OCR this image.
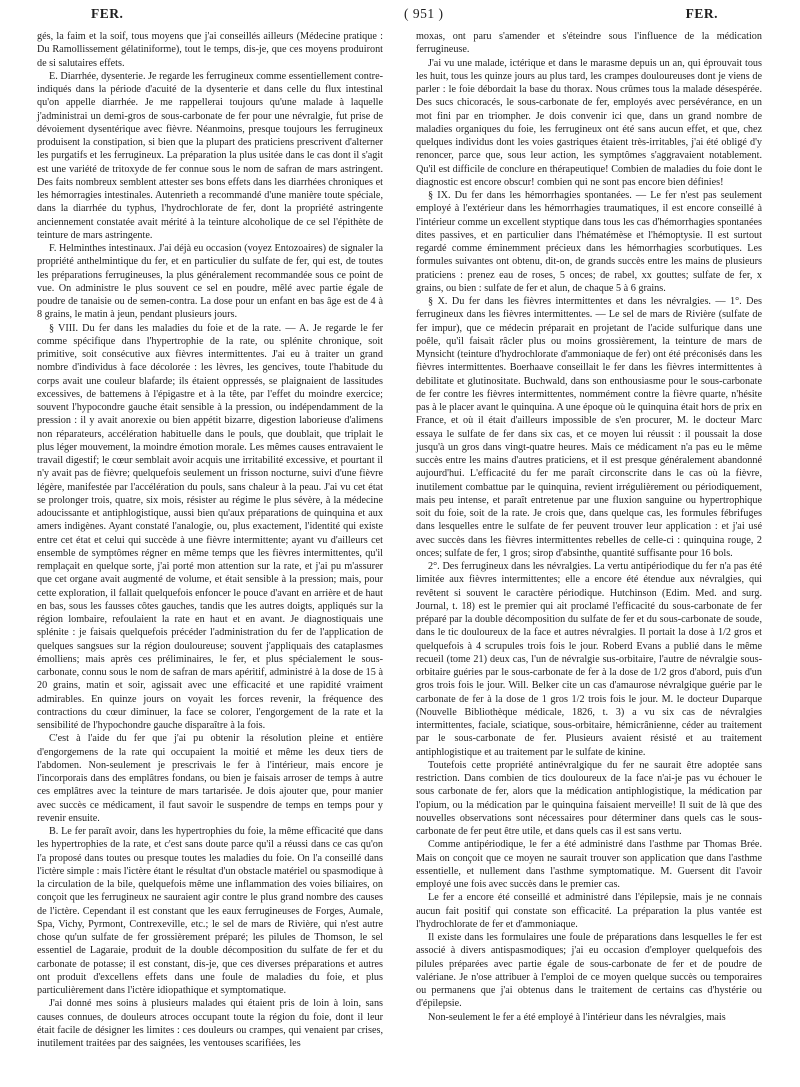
FER.	( 951 )	FER.

gés, la faim et la soif, tous moyens que j'ai conseillés ailleurs (Médecine pratique : Du Ramollissement gélatiniforme), tout le temps, dis-je, que ces moyens produiront de si salutaires effets.

E. Diarrhée, dysenterie. Je regarde les ferrugineux comme essentiellement contre-indiqués dans la période d'acuité de la dysenterie et dans celle du flux intestinal qu'on appelle diarrhée. Je me rappellerai toujours qu'une malade à laquelle j'administrai un demi-gros de sous-carbonate de fer pour une névralgie, fut prise de dévoiement dysentérique avec fièvre. Néanmoins, presque toujours les ferrugineux produisent la constipation, si bien que la plupart des praticiens prescrivent d'alterner les purgatifs et les ferrugineux. La préparation la plus usitée dans le cas dont il s'agit est une variété de tritoxyde de fer connue sous le nom de safran de mars astringent. Des faits nombreux semblent attester ses bons effets dans les diarrhées chroniques et les hémorragies intestinales. Autenrieth a recommandé d'une manière toute spéciale, dans la diarrhée du typhus, l'hydrochlorate de fer, dont la propriété astringente anciennement constatée avait mérité à la teinture alcoholique de ce sel l'épithète de teinture de mars astringente.

F. Helminthes intestinaux. J'ai déjà eu occasion (voyez Entozoaires) de signaler la propriété anthelmintique du fer, et en particulier du sulfate de fer, qui est, de toutes les préparations ferrugineuses, la plus généralement recommandée sous ce point de vue. On administre le plus souvent ce sel en poudre, mêlé avec partie égale de poudre de tanaisie ou de semen-contra. La dose pour un enfant en bas âge est de 4 à 8 grains, le matin à jeun, pendant plusieurs jours.

§ VIII. Du fer dans les maladies du foie et de la rate. — A. Je regarde le fer comme spécifique dans l'hypertrophie de la rate, ou splénite chronique, soit primitive, soit consécutive aux fièvres intermittentes. J'ai eu à traiter un grand nombre d'individus à face décolorée : les lèvres, les gencives, toute l'habitude du corps avait une couleur blafarde; ils étaient oppressés, se plaignaient de lassitudes excessives, de battemens à l'épigastre et à la tête, par l'effet du moindre exercice; souvent l'hypocondre gauche était sensible à la pression, ou indépendamment de la pression : il y avait anorexie ou bien appétit bizarre, digestion laborieuse d'alimens non réparateurs, accélération habituelle dans le pouls, que doublait, que triplait le plus léger mouvement, la moindre émotion morale. Les mêmes causes entravaient le travail digestif; le cœur semblait avoir acquis une irritabilité excessive, et pourtant il n'y avait pas de fièvre; quelquefois seulement un frisson nocturne, suivi d'une fièvre légère, manifestée par l'accélération du pouls, sans chaleur à la peau. J'ai vu cet état se prolonger trois, quatre, six mois, résister au régime le plus sévère, à la médecine adoucissante et antiphlogistique, aussi bien qu'aux préparations de quinquina et aux amers indigènes. Ayant constaté l'analogie, ou, plus exactement, l'identité qui existe entre cet état et celui qui succède à une fièvre intermittente; ayant vu d'ailleurs cet ensemble de symptômes régner en même temps que les fièvres intermittentes, qu'il remplaçait en quelque sorte, j'ai porté mon attention sur la rate, et j'ai pu m'assurer que cet organe avait augmenté de volume, et était sensible à la pression; mais, pour cette exploration, il fallait quelquefois enfoncer le pouce d'avant en arrière et de haut en bas, sous les fausses côtes gauches, tandis que les autres doigts, appliqués sur la région lombaire, refoulaient la rate en haut et en avant. Je diagnostiquais une splénite : je faisais quelquefois précéder l'administration du fer de l'application de quelques sangsues sur la région douloureuse; souvent j'appliquais des cataplasmes émolliens; mais après ces préliminaires, le fer, et plus spécialement le sous-carbonate, connu sous le nom de safran de mars apéritif, administré à la dose de 15 à 20 grains, matin et soir, agissait avec une efficacité et une rapidité vraiment admirables. En quinze jours on voyait les forces revenir, la fréquence des contractions du cœur diminuer, la face se colorer, l'engorgement de la rate et la sensibilité de l'hypochondre gauche disparaître à la fois.

C'est à l'aide du fer que j'ai pu obtenir la résolution pleine et entière d'engorgemens de la rate qui occupaient la moitié et même les deux tiers de l'abdomen. Non-seulement je prescrivais le fer à l'intérieur, mais encore je l'incorporais dans des emplâtres fondans, ou bien je faisais arroser de temps à autre ces emplâtres avec la teinture de mars tartarisée. Je dois ajouter que, pour manier avec succès ce médicament, il faut savoir le suspendre de temps en temps pour y revenir ensuite.

B. Le fer paraît avoir, dans les hypertrophies du foie, la même efficacité que dans les hypertrophies de la rate, et c'est sans doute parce qu'il a réussi dans ce cas qu'on l'a proposé dans toutes ou presque toutes les maladies du foie. On l'a conseillé dans l'ictère simple : mais l'ictère étant le résultat d'un obstacle matériel ou spasmodique à la circulation de la bile, quelquefois même une inflammation des voies biliaires, on conçoit que les ferrugineux ne sauraient agir contre le plus grand nombre des causes de l'ictère. Cependant il est constant que les eaux ferrugineuses de Forges, Aumale, Spa, Vichy, Pyrmont, Contrexeville, etc.; le sel de mars de Rivière, qui n'est autre chose qu'un sulfate de fer grossièrement préparé; les pilules de Thomson, le sel essentiel de Lagaraie, produit de la double décomposition du sulfate de fer et du carbonate de potasse; il est constant, dis-je, que ces diverses préparations et autres ont produit d'excellens effets dans une foule de maladies du foie, et plus particulièrement dans l'ictère idiopathique et symptomatique.

J'ai donné mes soins à plusieurs malades qui étaient pris de loin à loin, sans causes connues, de douleurs atroces occupant toute la région du foie, dont il leur était facile de désigner les limites : ces douleurs ou crampes, qui venaient par crises, inutilement traitées par des saignées, les ventouses scarifiées, les

moxas, ont paru s'amender et s'éteindre sous l'influence de la médication ferrugineuse.

J'ai vu une malade, ictérique et dans le marasme depuis un an, qui éprouvait tous les huit, tous les quinze jours au plus tard, les crampes douloureuses dont je viens de parler : le foie débordait la base du thorax. Nous crûmes tous la malade désespérée. Des sucs chicoracés, le sous-carbonate de fer, employés avec persévérance, en un mot fini par en triompher. Je dois convenir ici que, dans un grand nombre de maladies organiques du foie, les ferrugineux ont été sans aucun effet, et que, chez quelques individus dont les voies gastriques étaient très-irritables, j'ai été obligé d'y renoncer, parce que, sous leur action, les symptômes s'aggravaient notablement. Qu'il est difficile de conclure en thérapeutique! Combien de maladies du foie dont le diagnostic est encore obscur! combien qui ne sont pas encore bien définies!

§ IX. Du fer dans les hémorrhagies spontanées. — Le fer n'est pas seulement employé à l'extérieur dans les hémorrhagies traumatiques, il est encore conseillé à l'intérieur comme un excellent styptique dans tous les cas d'hémorrhagies spontanées dites passives, et en particulier dans l'hématémèse et l'hémoptysie. Il est surtout regardé comme éminemment précieux dans les hémorrhagies scorbutiques. Les formules suivantes ont obtenu, dit-on, de grands succès entre les mains de plusieurs praticiens : prenez eau de roses, 5 onces; de rabel, xx gouttes; sulfate de fer, x grains, ou bien : sulfate de fer et alun, de chaque 5 à 6 grains.

§ X. Du fer dans les fièvres intermittentes et dans les névralgies. — 1°. Des ferrugineux dans les fièvres intermittentes. — Le sel de mars de Rivière (sulfate de fer impur), que ce médecin préparait en projetant de l'acide sulfurique dans une poêle, qu'il faisait râcler plus ou moins grossièrement, la teinture de mars de Mynsicht (teinture d'hydrochlorate d'ammoniaque de fer) ont été préconisés dans les fièvres intermittentes. Boerhaave conseillait le fer dans les fièvres intermittentes à debilitate et glutinositate. Buchwald, dans son enthousiasme pour le sous-carbonate de fer contre les fièvres intermittentes, nommément contre la fièvre quarte, n'hésite pas à le placer avant le quinquina. A une époque où le quinquina était hors de prix en France, et où il était d'ailleurs impossible de s'en procurer, M. le docteur Marc essaya le sulfate de fer dans six cas, et ce moyen lui réussit : il poussait la dose jusqu'à un gros dans vingt-quatre heures. Mais ce médicament n'a pas eu le même succès entre les mains d'autres praticiens, et il est presque généralement abandonné aujourd'hui. L'efficacité du fer me paraît circonscrite dans le cas où la fièvre, inutilement combattue par le quinquina, revient irrégulièrement ou périodiquement, mais peu intense, et paraît entretenue par une fluxion sanguine ou hypertrophique soit du foie, soit de la rate. Je crois que, dans quelque cas, les formules fébrifuges dans lesquelles entre le sulfate de fer peuvent trouver leur application : et j'ai usé avec succès dans les fièvres intermittentes rebelles de celle-ci : quinquina rouge, 2 onces; sulfate de fer, 1 gros; sirop d'absinthe, quantité suffisante pour 16 bols.

2°. Des ferrugineux dans les névralgies. La vertu antipériodique du fer n'a pas été limitée aux fièvres intermittentes; elle a encore été étendue aux névralgies, qui revêtent si souvent le caractère périodique. Hutchinson (Edim. Med. and surg. Journal, t. 18) est le premier qui ait proclamé l'efficacité du sous-carbonate de fer préparé par la double décomposition du sulfate de fer et du sous-carbonate de soude, dans le tic douloureux de la face et autres névralgies. Il portait la dose à 1/2 gros et quelquefois à 4 scrupules trois fois le jour. Roberd Evans a publié dans le même recueil (tome 21) deux cas, l'un de névralgie sus-orbitaire, l'autre de névralgie sous-orbitaire guéries par le sous-carbonate de fer à la dose de 1/2 gros d'abord, puis d'un gros trois fois le jour. Will. Belker cite un cas d'amaurose névralgique guérie par le carbonate de fer à la dose de 1 gros 1/2 trois fois le jour. M. le docteur Duparque (Nouvelle Bibliothèque médicale, 1826, t. 3) a vu six cas de névralgies intermittentes, faciale, sciatique, sous-orbitaire, hémicrânienne, céder au traitement par le sous-carbonate de fer. Plusieurs avaient résisté et au traitement antiphlogistique et au traitement par le sulfate de kinine.

Toutefois cette propriété antinévralgique du fer ne saurait être adoptée sans restriction. Dans combien de tics douloureux de la face n'ai-je pas vu échouer le sous carbonate de fer, alors que la médication antiphlogistique, la médication par l'opium, ou la médication par le quinquina faisaient merveille! Il suit de là que des nouvelles observations sont nécessaires pour déterminer dans quels cas le sous-carbonate de fer peut être utile, et dans quels cas il est sans vertu.

Comme antipériodique, le fer a été administré dans l'asthme par Thomas Brée. Mais on conçoit que ce moyen ne saurait trouver son application que dans l'asthme essentielle, et nullement dans l'asthme symptomatique. M. Guersent dit l'avoir employé une fois avec succès dans le premier cas.

Le fer a encore été conseillé et administré dans l'épilepsie, mais je ne connais aucun fait positif qui constate son efficacité. La préparation la plus vantée est l'hydrochlorate de fer et d'ammoniaque.

Il existe dans les formulaires une foule de préparations dans lesquelles le fer est associé à divers antispasmodiques; j'ai eu occasion d'employer quelquefois des pilules préparées avec partie égale de sous-carbonate de fer et de poudre de valériane. Je n'ose attribuer à l'emploi de ce moyen quelque succès ou temporaires ou permanens que j'ai obtenus dans le traitement de certains cas d'hystérie ou d'épilepsie.

Non-seulement le fer a été employé à l'intérieur dans les névralgies, mais
